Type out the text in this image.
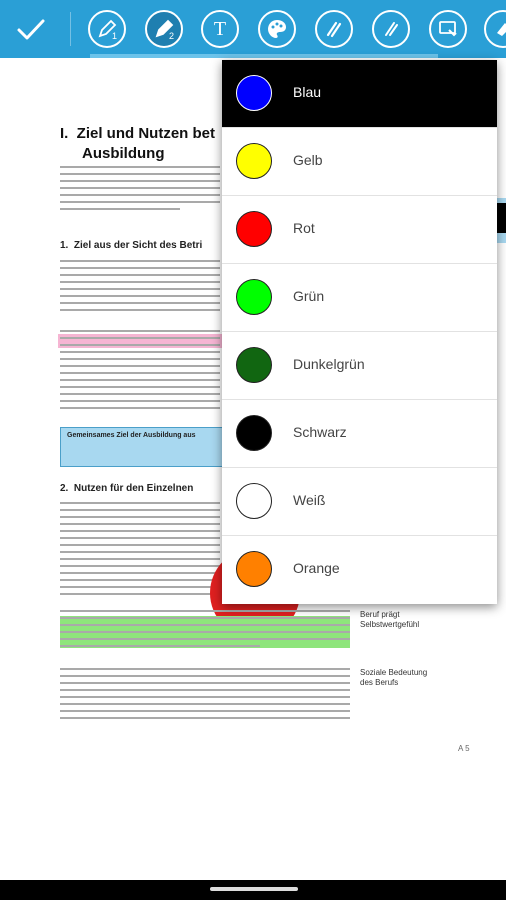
1	2 T
I.  Ziel und Nutzen bet
Ausbildung
1.  Ziel aus der Sicht des Betri
Gemeinsames Ziel der Ausbildung aus
2.  Nutzen für den Einzelnen
Beruf prägt
Selbstwertgefühl
Soziale Bedeutung
des Berufs
A 5
Blau
Gelb
Rot
Grün
Dunkelgrün
Schwarz
Weiß
Orange
